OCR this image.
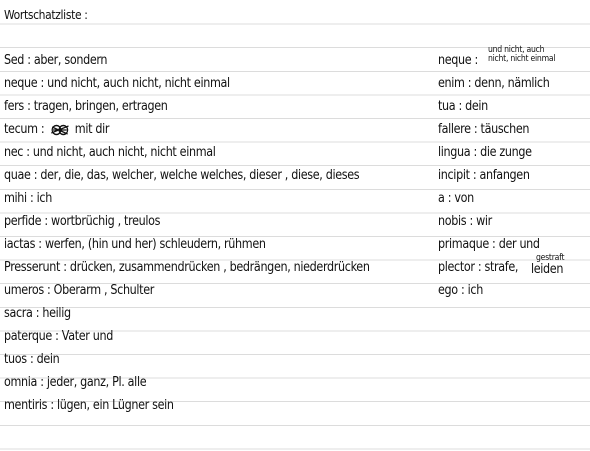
Wortschatzliste :
Sed : aber, sondern
neque : und nicht, auch nicht, nicht einmal
fers : tragen, bringen, ertragen
tecum : mit dir
nec : und nicht, auch nicht, nicht einmal
quae : der, die, das, welcher, welche welches, dieser , diese, dieses
mihi : ich
perfide : wortbrüchig , treulos
iactas : werfen, (hin und her) schleudern, rühmen
Presserunt : drücken, zusammendrücken , bedrängen, niederdrücken
umeros : Oberarm , Schulter
sacra : heilig
paterque : Vater und
tuos : dein
omnia : jeder, ganz, Pl. alle
mentiris : lügen, ein Lügner sein
neque :
und nicht, auch
nicht, nicht einmal
enim : denn, nämlich
tua : dein
fallere : täuschen
lingua : die zunge
incipit : anfangen
a : von
nobis : wir
primaque : der und
plector : strafe,
gestraft
leiden
ego : ich
